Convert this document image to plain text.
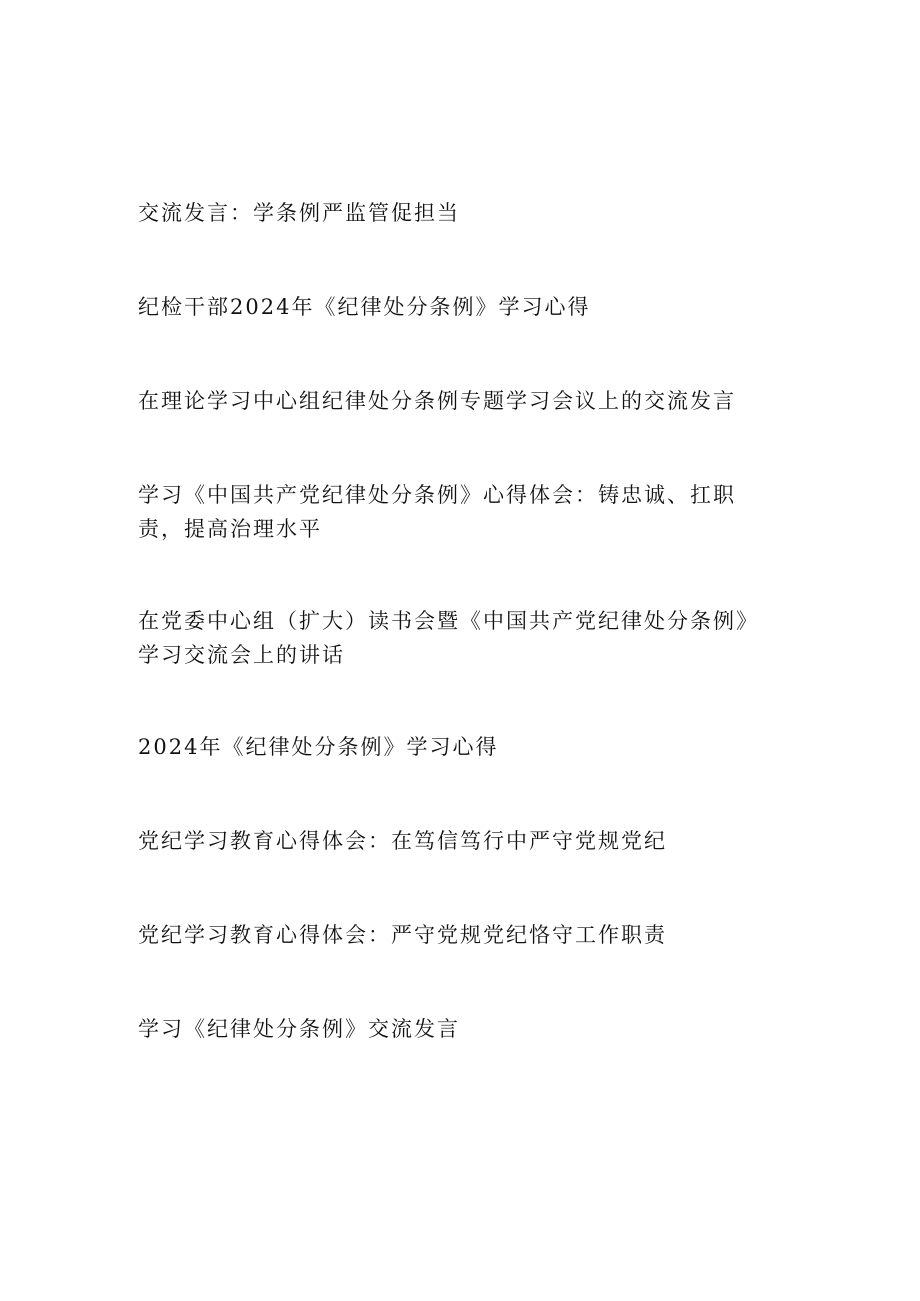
交流发言：学条例严监管促担当
纪检干部2024年《纪律处分条例》学习心得
在理论学习中心组纪律处分条例专题学习会议上的交流发言
学习《中国共产党纪律处分条例》心得体会：铸忠诚、扛职责，提高治理水平
在党委中心组（扩大）读书会暨《中国共产党纪律处分条例》学习交流会上的讲话
2024年《纪律处分条例》学习心得
党纪学习教育心得体会：在笃信笃行中严守党规党纪
党纪学习教育心得体会：严守党规党纪恪守工作职责
学习《纪律处分条例》交流发言
